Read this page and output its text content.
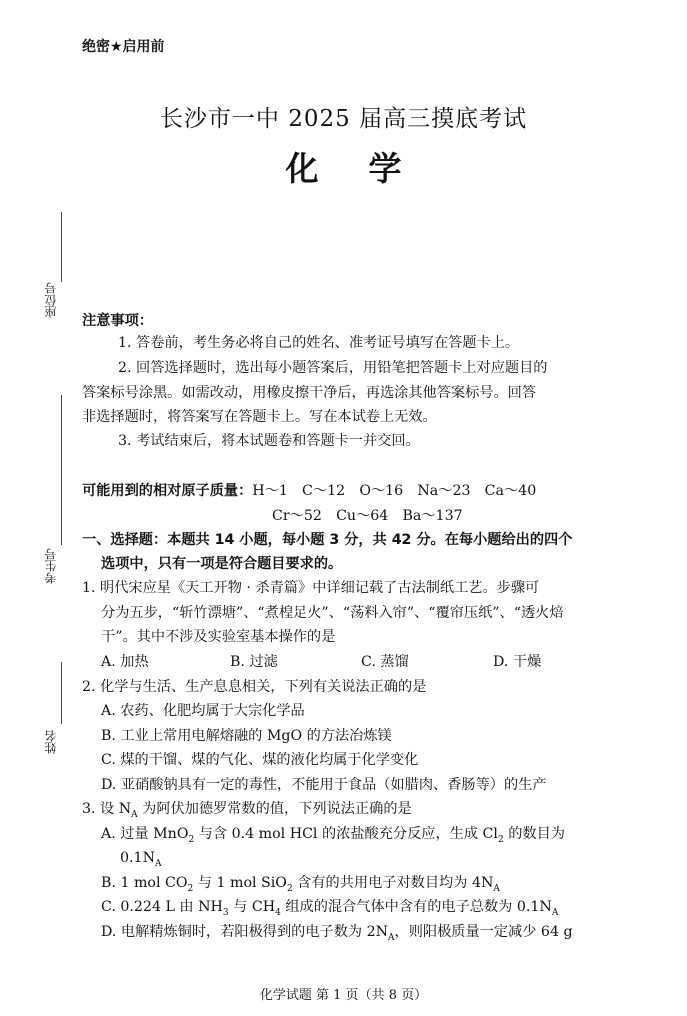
绝密★启用前
长沙市一中 2025 届高三摸底考试
化学
座位号
考生号
姓名
注意事项：
1. 答卷前，考生务必将自己的姓名、准考证号填写在答题卡上。
2. 回答选择题时，选出每小题答案后，用铅笔把答题卡上对应题目的
答案标号涂黑。如需改动，用橡皮擦干净后，再选涂其他答案标号。回答
非选择题时，将答案写在答题卡上。写在本试卷上无效。
3. 考试结束后，将本试题卷和答题卡一并交回。
可能用到的相对原子质量：H～1　C～12　O～16　Na～23　Ca～40
Cr～52　Cu～64　Ba～137
一、选择题：本题共 14 小题，每小题 3 分，共 42 分。在每小题给出的四个
选项中，只有一项是符合题目要求的。
1. 明代宋应星《天工开物 · 杀青篇》中详细记载了古法制纸工艺。步骤可
分为五步，“斩竹漂塘”、“煮楻足火”、“荡料入帘”、“覆帘压纸”、“透火焙
干”。其中不涉及实验室基本操作的是
A. 加热	B. 过滤	C. 蒸馏	D. 干燥
2. 化学与生活、生产息息相关，下列有关说法正确的是
A. 农药、化肥均属于大宗化学品
B. 工业上常用电解熔融的 MgO 的方法冶炼镁
C. 煤的干馏、煤的气化、煤的液化均属于化学变化
D. 亚硝酸钠具有一定的毒性，不能用于食品（如腊肉、香肠等）的生产
3. 设 $N_A$ 为阿伏加德罗常数的值，下列说法正确的是
A. 过量 MnO$_2$ 与含 0.4 mol HCl 的浓盐酸充分反应，生成 $Cl_2$ 的数目为
$0.1N_A$
B. 1 mol $CO_2$ 与 1 mol SiO$_2$ 含有的共用电子对数目均为 $4N_A$
C. 0.224 L 由 $NH_3$ 与 $CH_4$ 组成的混合气体中含有的电子总数为 $0.1N_A$
D. 电解精炼铜时，若阳极得到的电子数为 $2N_A$，则阳极质量一定减少 64 g
化学试题 第 1 页（共 8 页）
